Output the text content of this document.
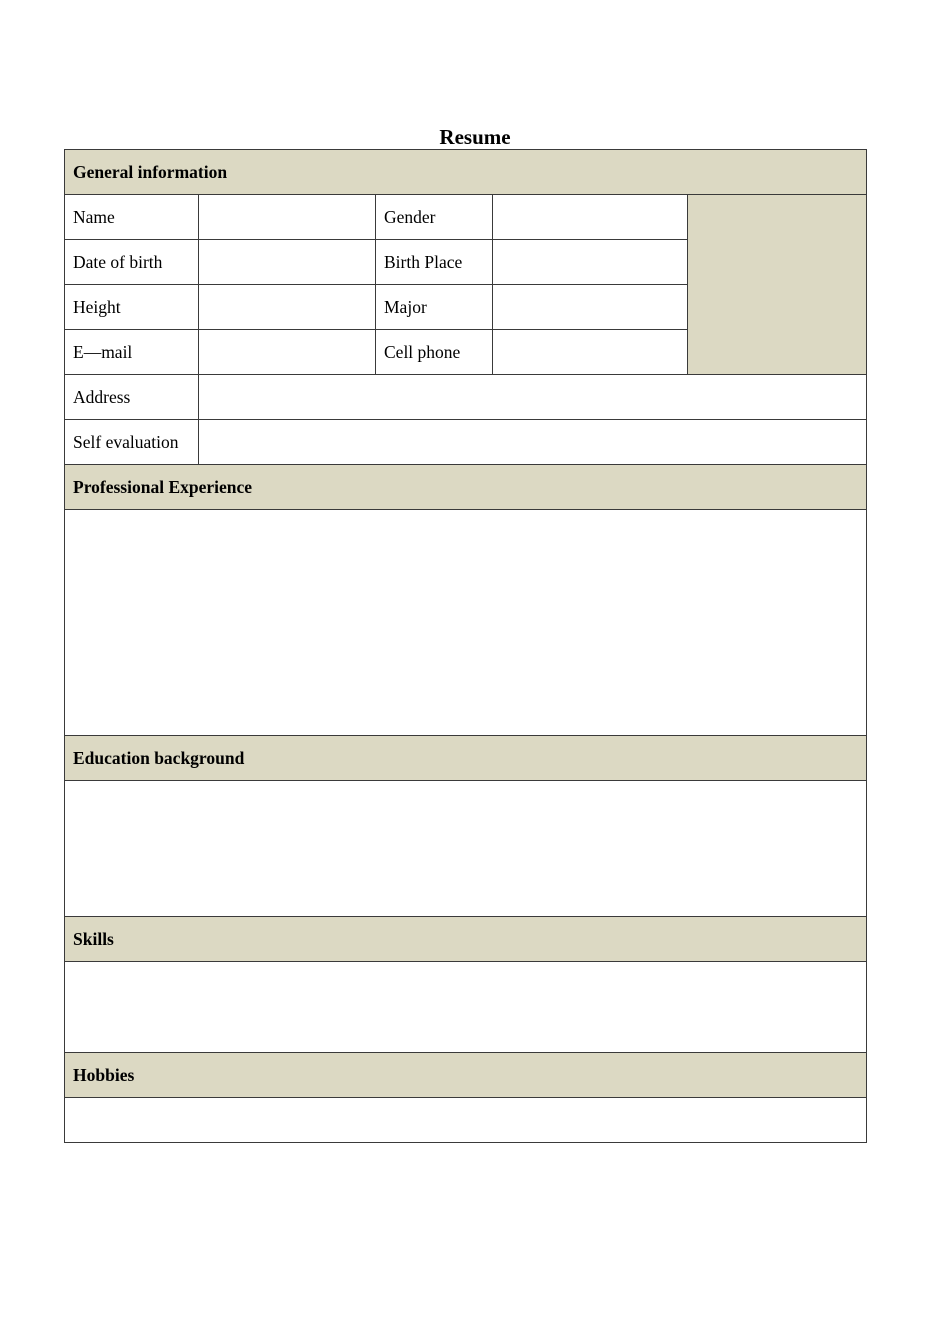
Resume
General information				
Name		Gender		
Date of birth		Birth Place		
Height		Major		
E—mail		Cell phone		
Address				
Self evaluation				
Professional Experience				

Education background				

Skills				

Hobbies				
